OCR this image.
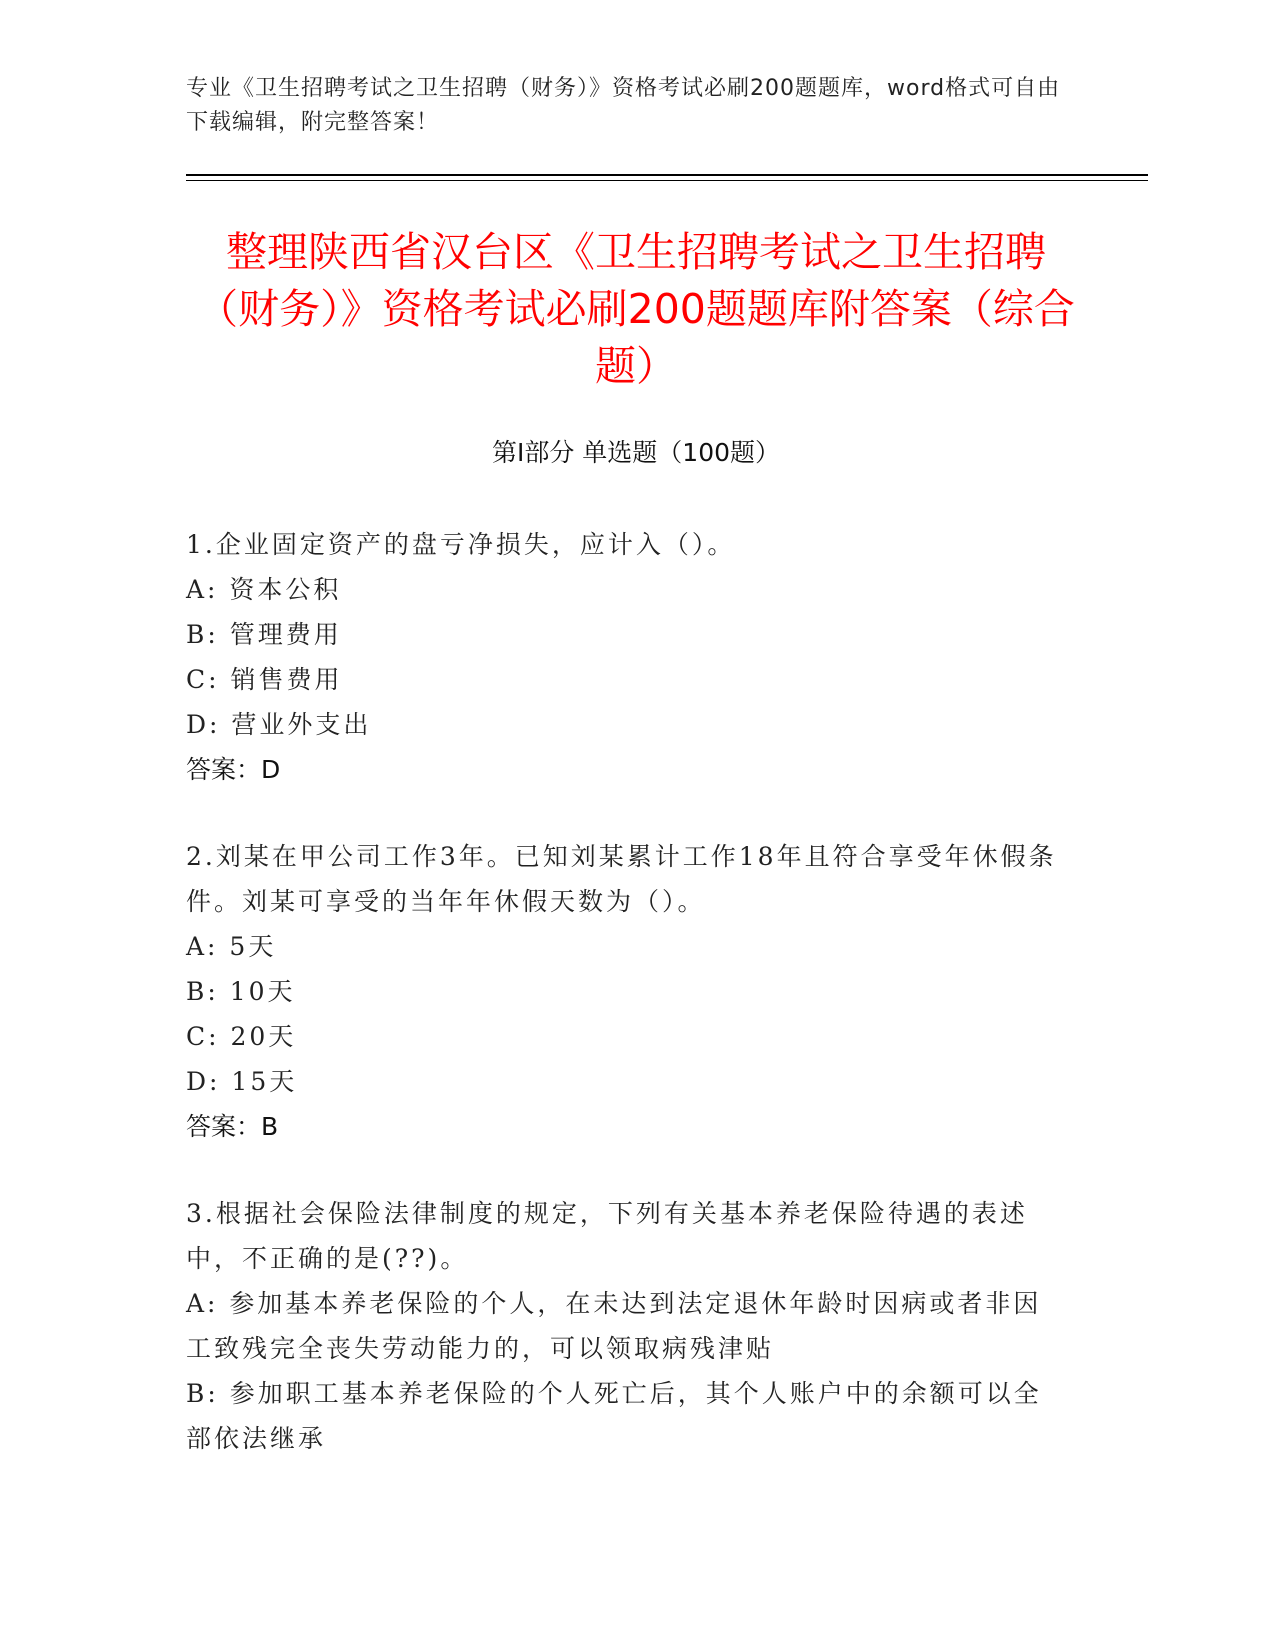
专业《卫生招聘考试之卫生招聘（财务）》资格考试必刷200题题库，word格式可自由下载编辑，附完整答案！
整理陕西省汉台区《卫生招聘考试之卫生招聘（财务）》资格考试必刷200题题库附答案（综合题）
第I部分 单选题（100题）

1.企业固定资产的盘亏净损失，应计入（）。

A: 资本公积

B: 管理费用

C: 销售费用

D: 营业外支出

答案：D

2.刘某在甲公司工作3年。已知刘某累计工作18年且符合享受年休假条件。刘某可享受的当年年休假天数为（）。

A: 5天

B: 10天

C: 20天

D: 15天

答案：B

3.根据社会保险法律制度的规定，下列有关基本养老保险待遇的表述中，不正确的是(??)。

A: 参加基本养老保险的个人，在未达到法定退休年龄时因病或者非因工致残完全丧失劳动能力的，可以领取病残津贴

B: 参加职工基本养老保险的个人死亡后，其个人账户中的余额可以全部依法继承
